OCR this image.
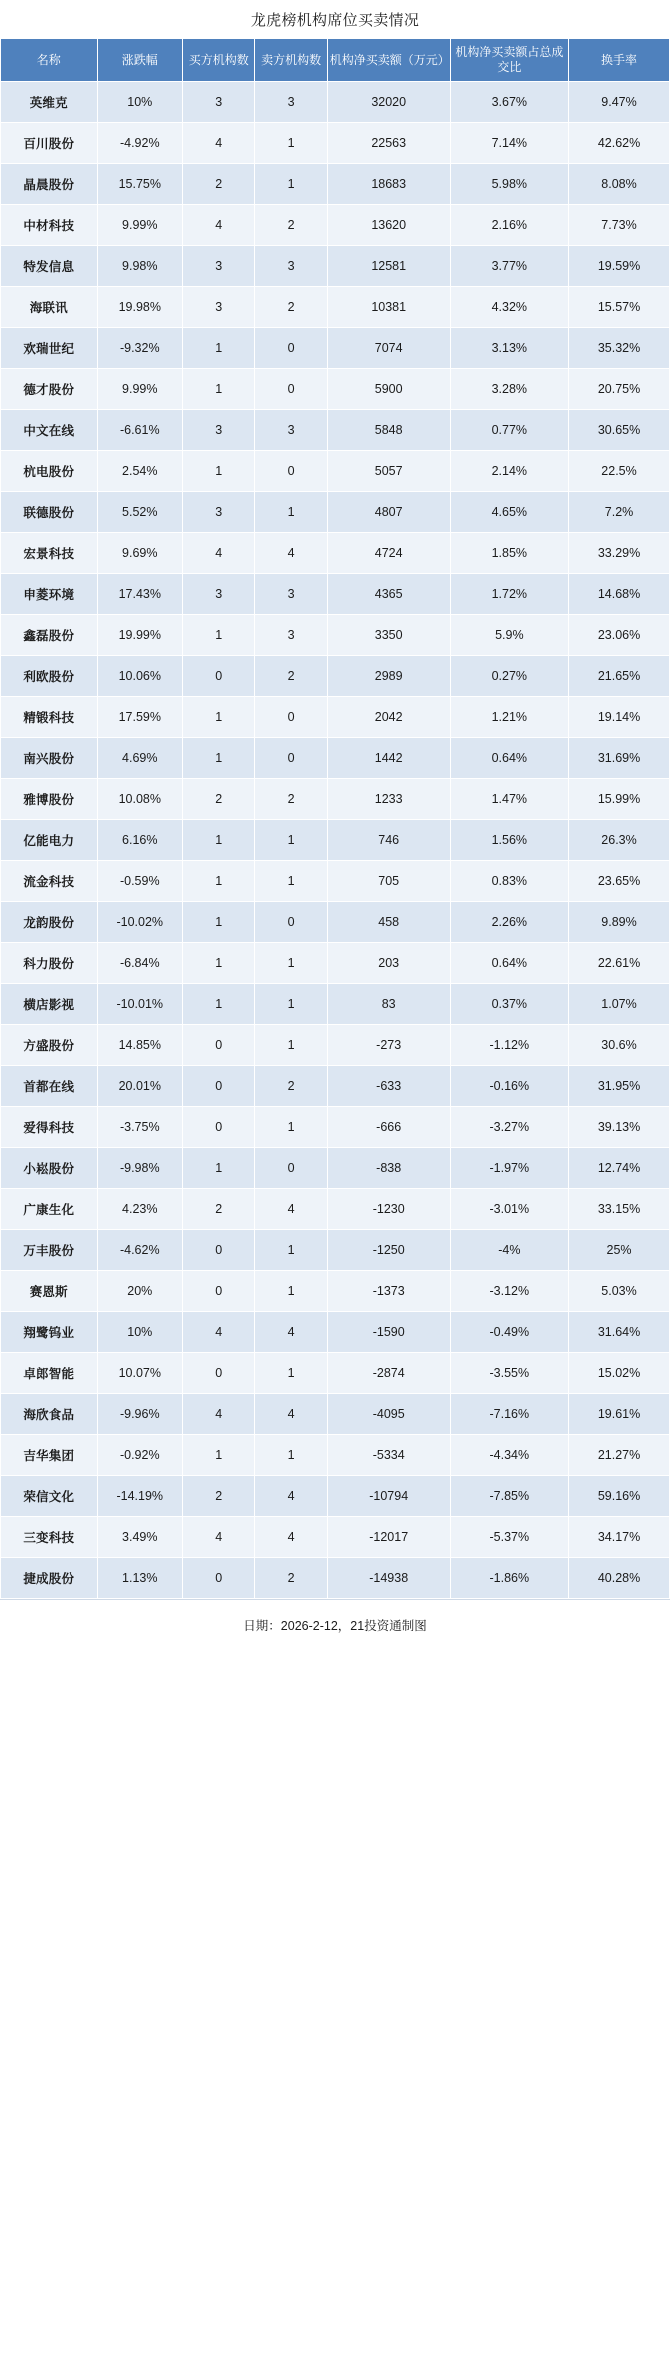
龙虎榜机构席位买卖情况
名称	涨跌幅	买方机构数	卖方机构数	机构净买卖额（万元）	机构净买卖额占总成交比	换手率
英维克	10%	3	3	32020	3.67%	9.47%
百川股份	-4.92%	4	1	22563	7.14%	42.62%
晶晨股份	15.75%	2	1	18683	5.98%	8.08%
中材科技	9.99%	4	2	13620	2.16%	7.73%
特发信息	9.98%	3	3	12581	3.77%	19.59%
海联讯	19.98%	3	2	10381	4.32%	15.57%
欢瑞世纪	-9.32%	1	0	7074	3.13%	35.32%
德才股份	9.99%	1	0	5900	3.28%	20.75%
中文在线	-6.61%	3	3	5848	0.77%	30.65%
杭电股份	2.54%	1	0	5057	2.14%	22.5%
联德股份	5.52%	3	1	4807	4.65%	7.2%
宏景科技	9.69%	4	4	4724	1.85%	33.29%
申菱环境	17.43%	3	3	4365	1.72%	14.68%
鑫磊股份	19.99%	1	3	3350	5.9%	23.06%
利欧股份	10.06%	0	2	2989	0.27%	21.65%
精锻科技	17.59%	1	0	2042	1.21%	19.14%
南兴股份	4.69%	1	0	1442	0.64%	31.69%
雅博股份	10.08%	2	2	1233	1.47%	15.99%
亿能电力	6.16%	1	1	746	1.56%	26.3%
流金科技	-0.59%	1	1	705	0.83%	23.65%
龙韵股份	-10.02%	1	0	458	2.26%	9.89%
科力股份	-6.84%	1	1	203	0.64%	22.61%
横店影视	-10.01%	1	1	83	0.37%	1.07%
方盛股份	14.85%	0	1	-273	-1.12%	30.6%
首都在线	20.01%	0	2	-633	-0.16%	31.95%
爱得科技	-3.75%	0	1	-666	-3.27%	39.13%
小崧股份	-9.98%	1	0	-838	-1.97%	12.74%
广康生化	4.23%	2	4	-1230	-3.01%	33.15%
万丰股份	-4.62%	0	1	-1250	-4%	25%
赛恩斯	20%	0	1	-1373	-3.12%	5.03%
翔鹭钨业	10%	4	4	-1590	-0.49%	31.64%
卓郎智能	10.07%	0	1	-2874	-3.55%	15.02%
海欣食品	-9.96%	4	4	-4095	-7.16%	19.61%
吉华集团	-0.92%	1	1	-5334	-4.34%	21.27%
荣信文化	-14.19%	2	4	-10794	-7.85%	59.16%
三变科技	3.49%	4	4	-12017	-5.37%	34.17%
捷成股份	1.13%	0	2	-14938	-1.86%	40.28%
日期：2026-2-12，21投资通制图
